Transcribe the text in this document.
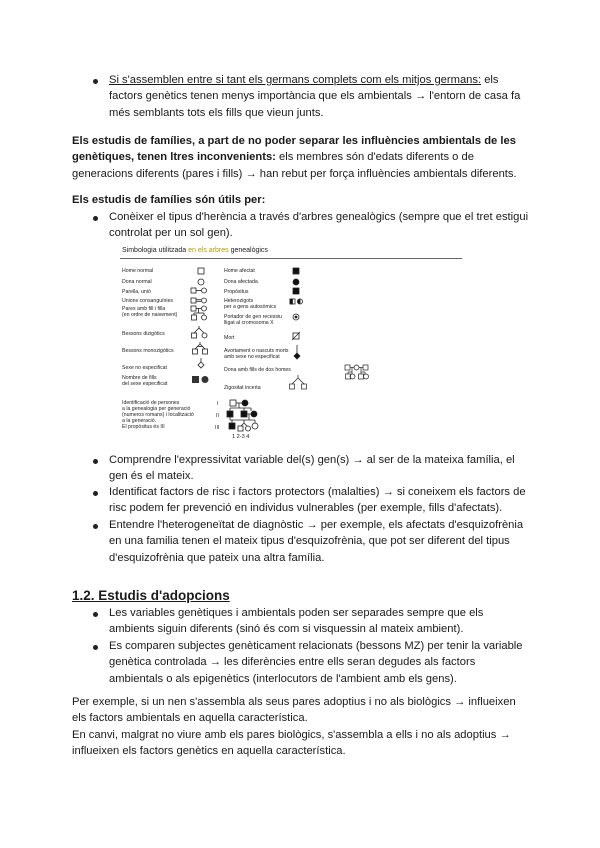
Si s'assemblen entre si tant els germans complets com els mitjos germans: els factors genètics tenen menys importància que els ambientals → l'entorn de casa fa més semblants tots els fills que vieun junts.
Els estudis de famílies, a part de no poder separar les influències ambientals de les genètiques, tenen ltres inconvenients: els membres són d'edats diferents o de generacions diferents (pares i fills) → han rebut per força influències ambientals diferents.
Els estudis de famílies són útils per:
Conèixer el tipus d'herència a través d'arbres genealògics (sempre que el tret estigui controlat per un sol gen).
Simbologia utilitzada en els arbres genealògics
Home normal
Dona normal
Parella, unió
Unions consanguínies
Pares amb fill i filla
(en ordre de naixement)
Bessons dizigòtics
Bessons monozigòtics
Sexe no especificat
Nombre de fills
del sexe especificat
Identificació de persones
a la genealogia per generació
(numeros romans) i localització
a la generació.
El propòsitus és III
Home afectat
Dona afectada
Propòsitus
Heterozigots
per a gens autosòmics
Portador de gen recessiu
lligat al cromosoma X
Mort
Avortament o nascuts morts
amb sexe no especificat
Dona amb fills de dos homes
Zigositat incerta
I
II
III
1 2-3 4
Comprendre l'expressivitat variable del(s) gen(s) → al ser de la mateixa família, el gen és el mateix.
Identificat factors de risc i factors protectors (malalties) → si coneixem els factors de risc podem fer prevenció en individus vulnerables (per exemple, fills d'afectats).
Entendre l'heterogeneïtat de diagnòstic → per exemple, els afectats d'esquizofrènia en una familia tenen el mateix tipus d'esquizofrènia, que pot ser diferent del tipus d'esquizofrènia que pateix una altra família.
1.2. Estudis d'adopcions
Les variables genètiques i ambientals poden ser separades sempre que els ambients siguin diferents (sinó és com si visquessin al mateix ambient).
Es comparen subjectes genèticament relacionats (bessons MZ) per tenir la variable genètica controlada → les diferències entre ells seran degudes als factors ambientals o als epigenètics (interlocutors de l'ambient amb els gens).
Per exemple, si un nen s'assembla als seus pares adoptius i no als biològics → influeixen els factors ambientals en aquella característica.
En canvi, malgrat no viure amb els pares biològics, s'assembla a ells i no als adoptius → influeixen els factors genètics en aquella característica.
